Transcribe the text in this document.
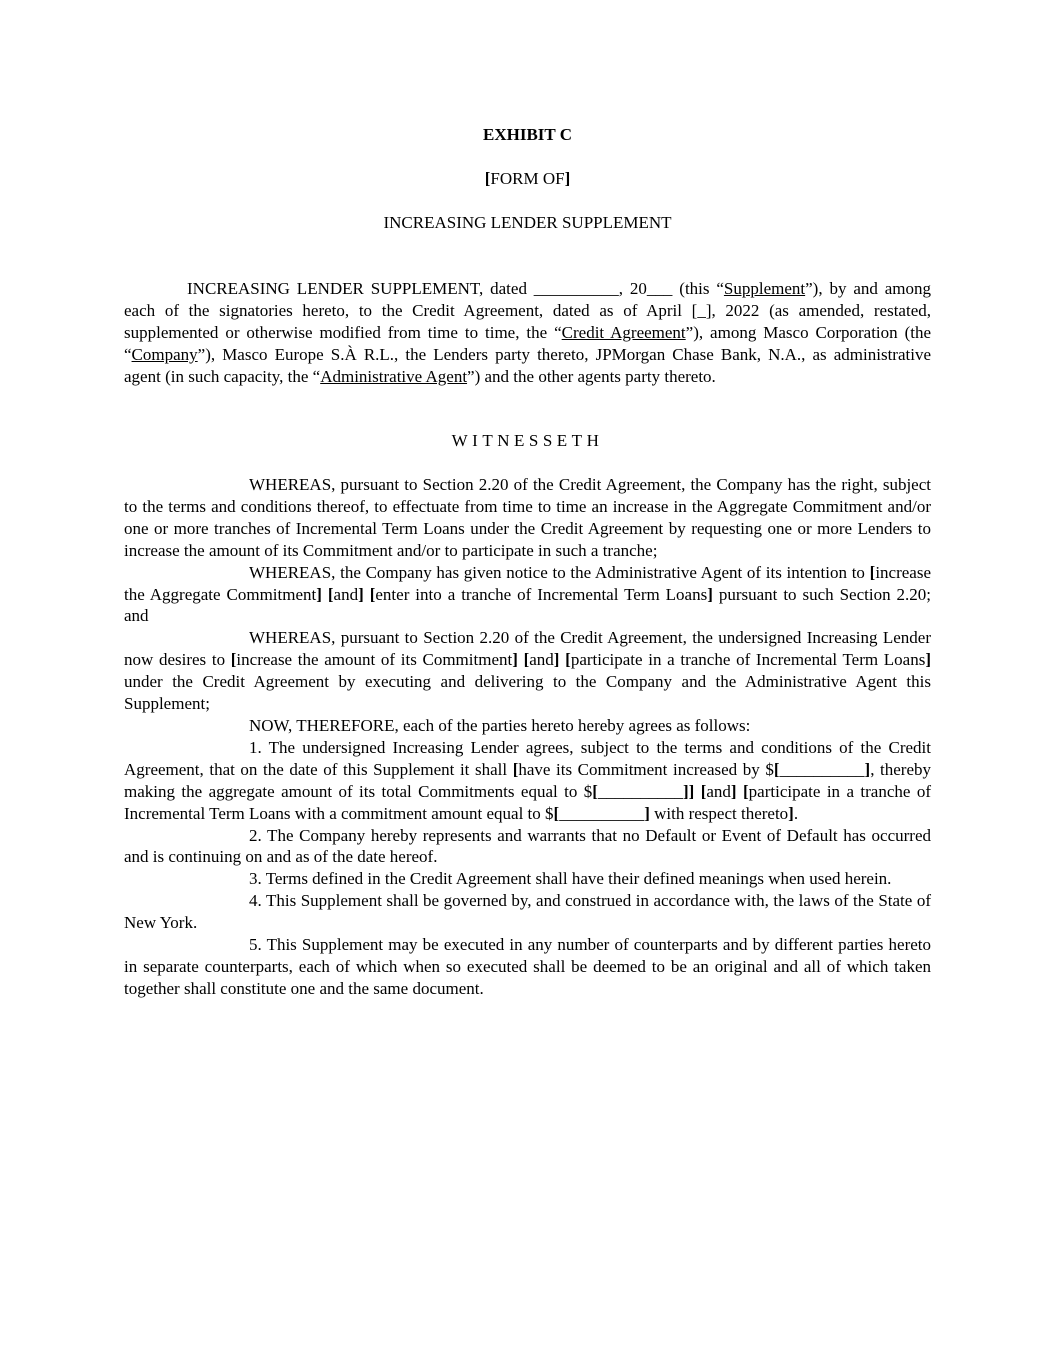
EXHIBIT C
[FORM OF]
INCREASING LENDER SUPPLEMENT

INCREASING LENDER SUPPLEMENT, dated __________, 20___ (this “Supplement”), by and among each of the signatories hereto, to the Credit Agreement, dated as of April [_], 2022 (as amended, restated, supplemented or otherwise modified from time to time, the “Credit Agreement”), among Masco Corporation (the “Company”), Masco Europe S.À R.L., the Lenders party thereto, JPMorgan Chase Bank, N.A., as administrative agent (in such capacity, the “Administrative Agent”) and the other agents party thereto.

WITNESSETH

WHEREAS, pursuant to Section 2.20 of the Credit Agreement, the Company has the right, subject to the terms and conditions thereof, to effectuate from time to time an increase in the Aggregate Commitment and/or one or more tranches of Incremental Term Loans under the Credit Agreement by requesting one or more Lenders to increase the amount of its Commitment and/or to participate in such a tranche;

WHEREAS, the Company has given notice to the Administrative Agent of its intention to [increase the Aggregate Commitment] [and] [enter into a tranche of Incremental Term Loans] pursuant to such Section 2.20; and

WHEREAS, pursuant to Section 2.20 of the Credit Agreement, the undersigned Increasing Lender now desires to [increase the amount of its Commitment] [and] [participate in a tranche of Incremental Term Loans] under the Credit Agreement by executing and delivering to the Company and the Administrative Agent this Supplement;

NOW, THEREFORE, each of the parties hereto hereby agrees as follows:

1. The undersigned Increasing Lender agrees, subject to the terms and conditions of the Credit Agreement, that on the date of this Supplement it shall [have its Commitment increased by $[__________], thereby making the aggregate amount of its total Commitments equal to $[__________]] [and] [participate in a tranche of Incremental Term Loans with a commitment amount equal to $[__________] with respect thereto].

2. The Company hereby represents and warrants that no Default or Event of Default has occurred and is continuing on and as of the date hereof.

3. Terms defined in the Credit Agreement shall have their defined meanings when used herein.

4. This Supplement shall be governed by, and construed in accordance with, the laws of the State of New York.

5. This Supplement may be executed in any number of counterparts and by different parties hereto in separate counterparts, each of which when so executed shall be deemed to be an original and all of which taken together shall constitute one and the same document.
